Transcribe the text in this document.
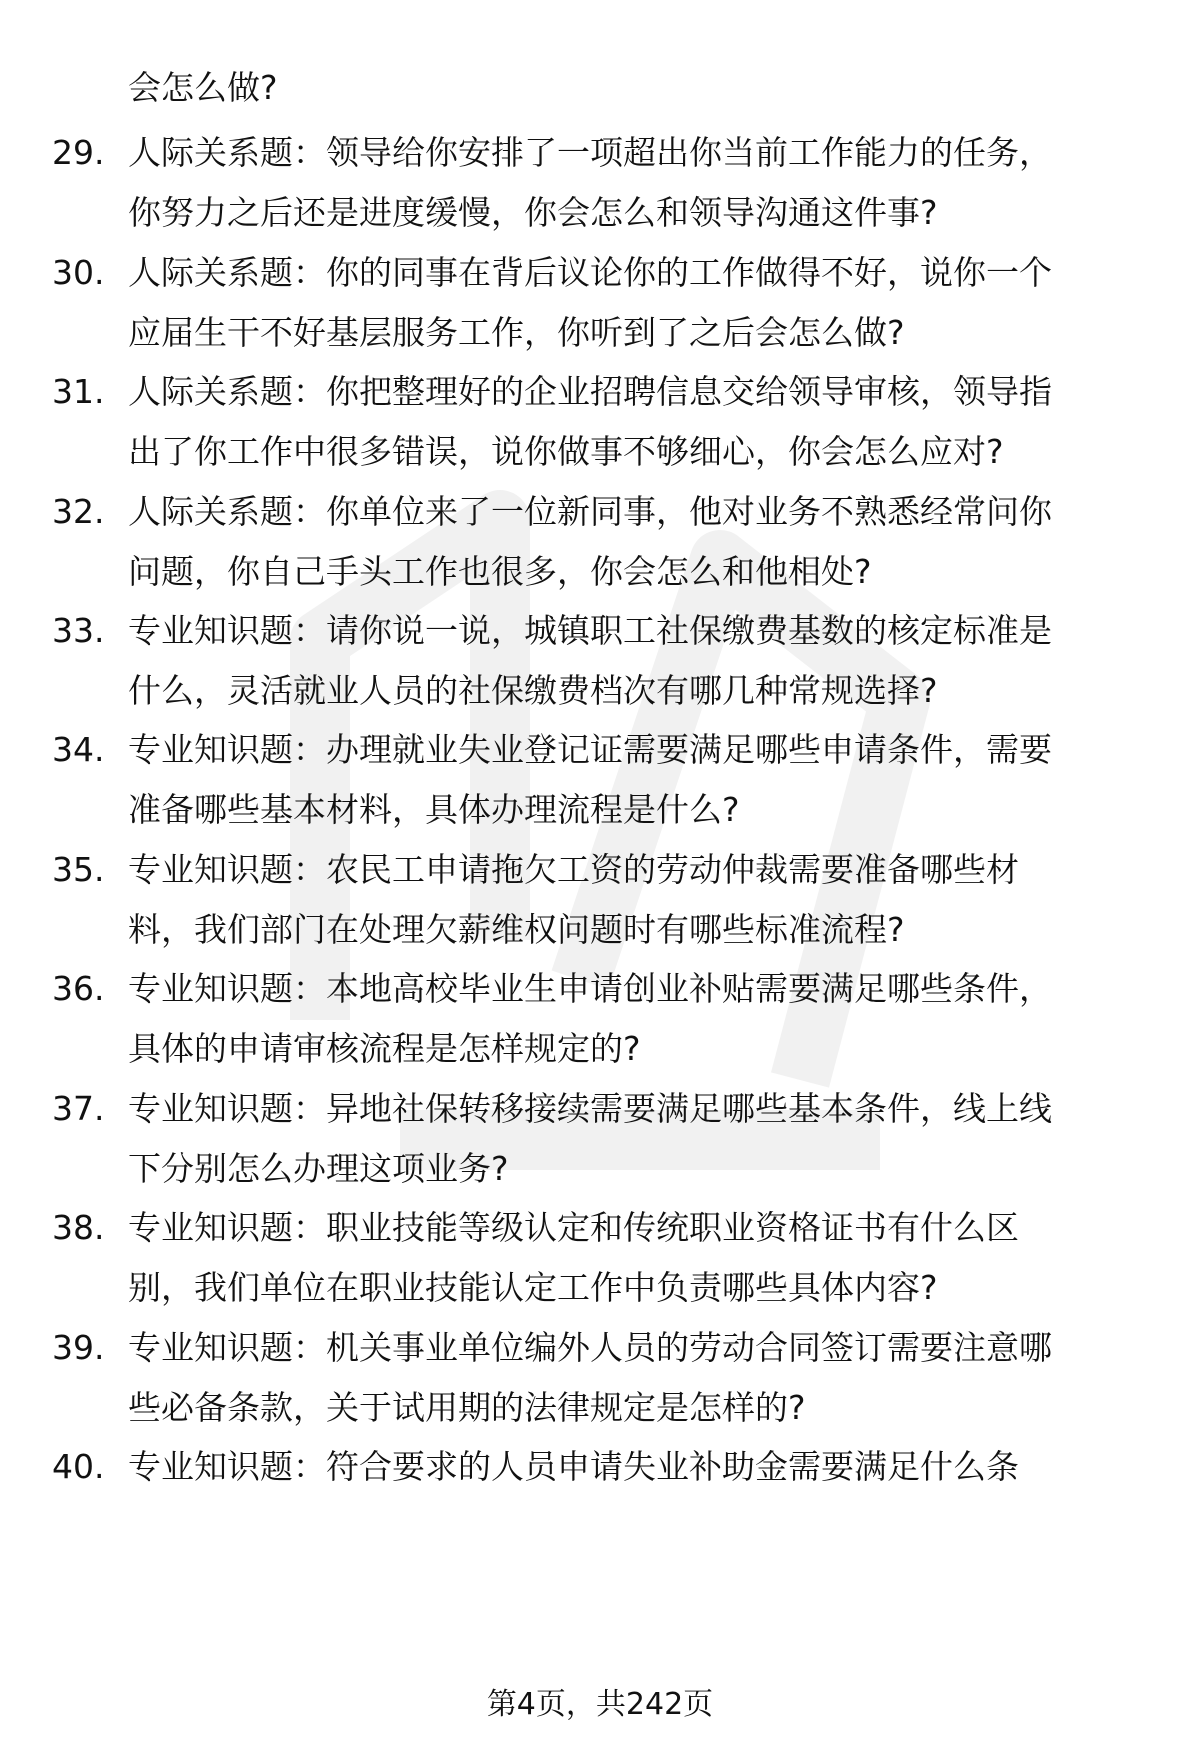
会怎么做?
29. 人际关系题：领导给你安排了一项超出你当前工作能力的任务，
你努力之后还是进度缓慢，你会怎么和领导沟通这件事?
30. 人际关系题：你的同事在背后议论你的工作做得不好，说你一个
应届生干不好基层服务工作，你听到了之后会怎么做?
31. 人际关系题：你把整理好的企业招聘信息交给领导审核，领导指
出了你工作中很多错误，说你做事不够细心，你会怎么应对?
32. 人际关系题：你单位来了一位新同事，他对业务不熟悉经常问你
问题，你自己手头工作也很多，你会怎么和他相处?
33. 专业知识题：请你说一说，城镇职工社保缴费基数的核定标准是
什么，灵活就业人员的社保缴费档次有哪几种常规选择?
34. 专业知识题：办理就业失业登记证需要满足哪些申请条件，需要
准备哪些基本材料，具体办理流程是什么?
35. 专业知识题：农民工申请拖欠工资的劳动仲裁需要准备哪些材
料，我们部门在处理欠薪维权问题时有哪些标准流程?
36. 专业知识题：本地高校毕业生申请创业补贴需要满足哪些条件，
具体的申请审核流程是怎样规定的?
37. 专业知识题：异地社保转移接续需要满足哪些基本条件，线上线
下分别怎么办理这项业务?
38. 专业知识题：职业技能等级认定和传统职业资格证书有什么区
别，我们单位在职业技能认定工作中负责哪些具体内容?
39. 专业知识题：机关事业单位编外人员的劳动合同签订需要注意哪
些必备条款，关于试用期的法律规定是怎样的?
40. 专业知识题：符合要求的人员申请失业补助金需要满足什么条
第4页，共242页
